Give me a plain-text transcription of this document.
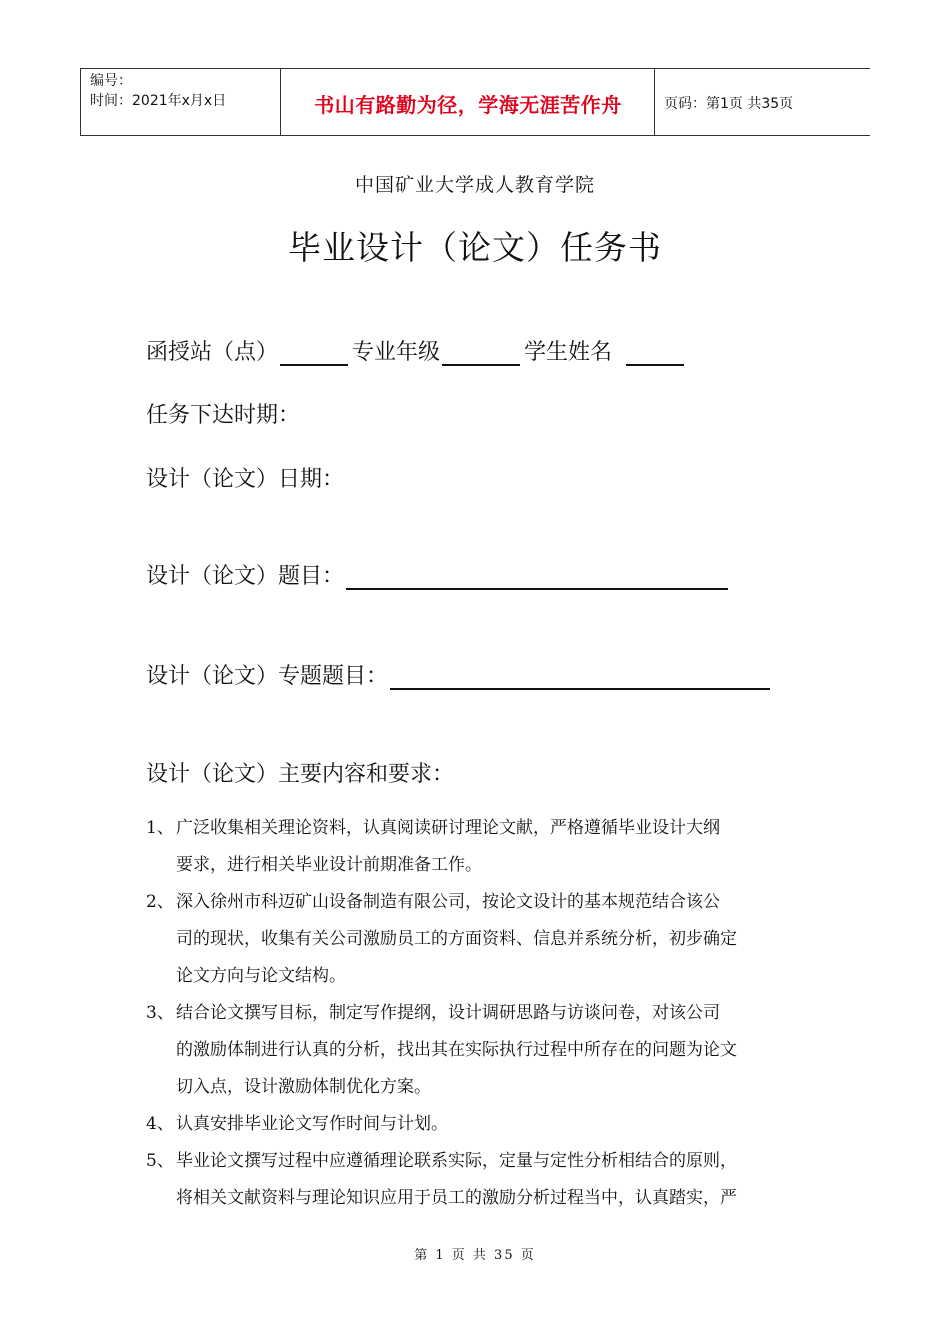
编号：
时间：2021年x月x日	书山有路勤为径，学海无涯苦作舟	页码：第1页 共35页
中国矿业大学成人教育学院
毕业设计（论文）任务书
函授站（点）	专业年级	学生姓名
任务下达时期：
设计（论文）日期：
设计（论文）题目：
设计（论文）专题题目：
设计（论文）主要内容和要求：
1、 广泛收集相关理论资料，认真阅读研讨理论文献，严格遵循毕业设计大纲
要求，进行相关毕业设计前期准备工作。
2、 深入徐州市科迈矿山设备制造有限公司，按论文设计的基本规范结合该公
司的现状，收集有关公司激励员工的方面资料、信息并系统分析，初步确定
论文方向与论文结构。
3、 结合论文撰写目标，制定写作提纲，设计调研思路与访谈问卷，对该公司
的激励体制进行认真的分析，找出其在实际执行过程中所存在的问题为论文
切入点，设计激励体制优化方案。
4、 认真安排毕业论文写作时间与计划。
5、 毕业论文撰写过程中应遵循理论联系实际，定量与定性分析相结合的原则，
将相关文献资料与理论知识应用于员工的激励分析过程当中，认真踏实，严
第 1 页 共 35 页
